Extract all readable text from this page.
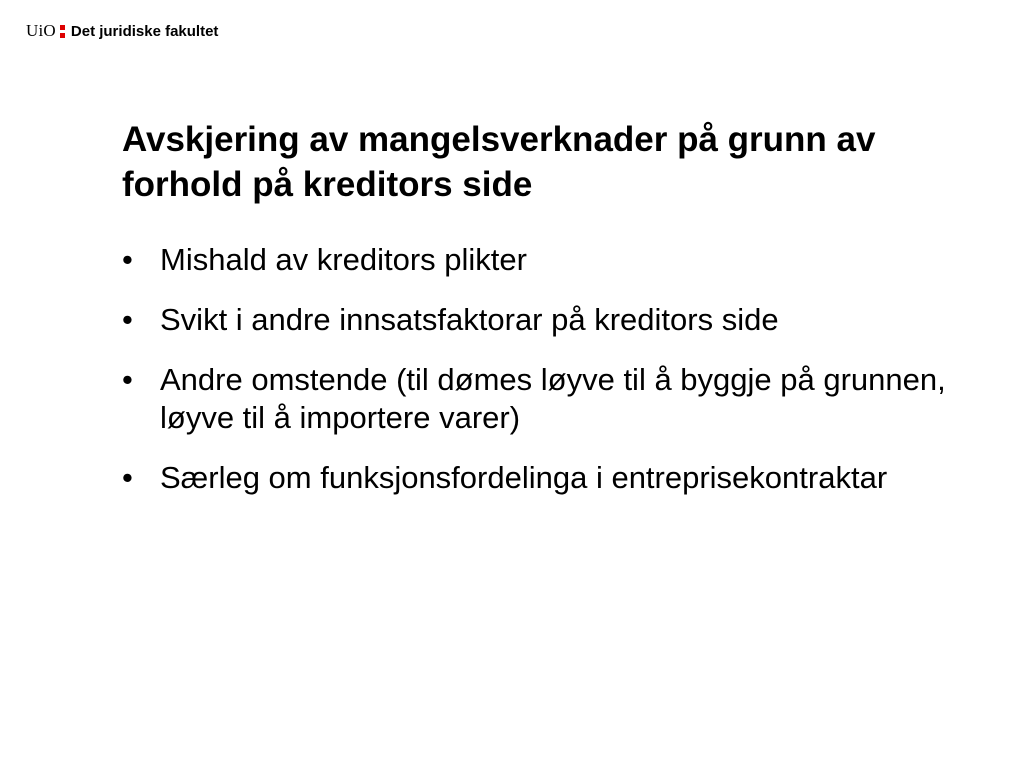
UiO Det juridiske fakultet
Avskjering av mangelsverknader på grunn av forhold på kreditors side
• Mishald av kreditors plikter
• Svikt i andre innsatsfaktorar på kreditors side
• Andre omstende (til dømes løyve til å byggje på grunnen, løyve til å importere varer)
• Særleg om funksjonsfordelinga i entreprisekontraktar
